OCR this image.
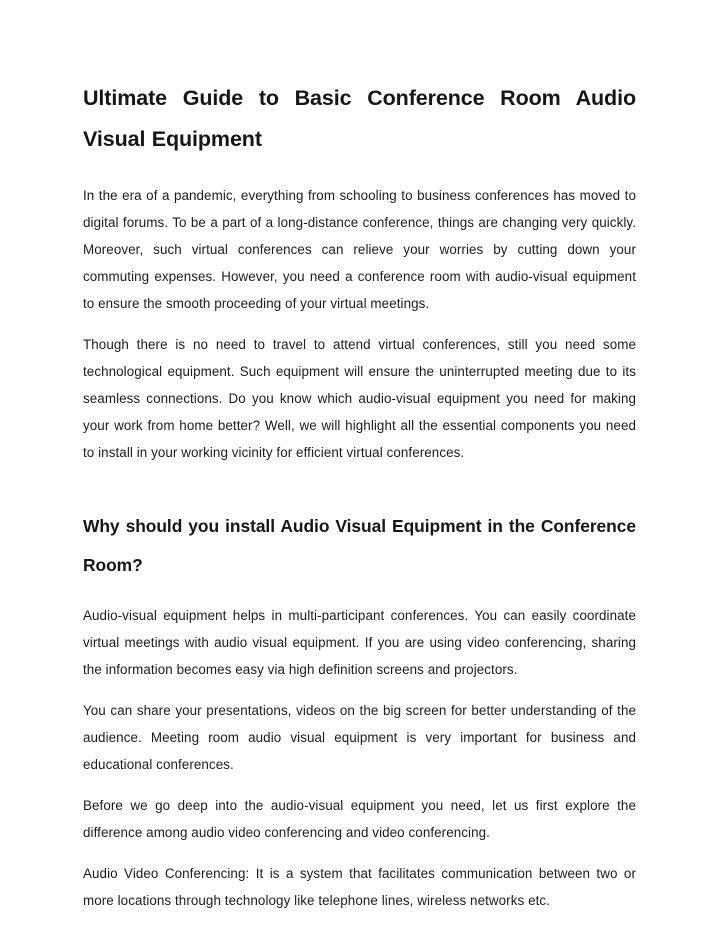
Ultimate Guide to Basic Conference Room Audio Visual Equipment

In the era of a pandemic, everything from schooling to business conferences has moved to digital forums. To be a part of a long-distance conference, things are changing very quickly. Moreover, such virtual conferences can relieve your worries by cutting down your commuting expenses. However, you need a conference room with audio-visual equipment to ensure the smooth proceeding of your virtual meetings.

Though there is no need to travel to attend virtual conferences, still you need some technological equipment. Such equipment will ensure the uninterrupted meeting due to its seamless connections. Do you know which audio-visual equipment you need for making your work from home better? Well, we will highlight all the essential components you need to install in your working vicinity for efficient virtual conferences.

Why should you install Audio Visual Equipment in the Conference Room?

Audio-visual equipment helps in multi-participant conferences. You can easily coordinate virtual meetings with audio visual equipment. If you are using video conferencing, sharing the information becomes easy via high definition screens and projectors.

You can share your presentations, videos on the big screen for better understanding of the audience. Meeting room audio visual equipment is very important for business and educational conferences.

Before we go deep into the audio-visual equipment you need, let us first explore the difference among audio video conferencing and video conferencing.

Audio Video Conferencing: It is a system that facilitates communication between two or more locations through technology like telephone lines, wireless networks etc.
